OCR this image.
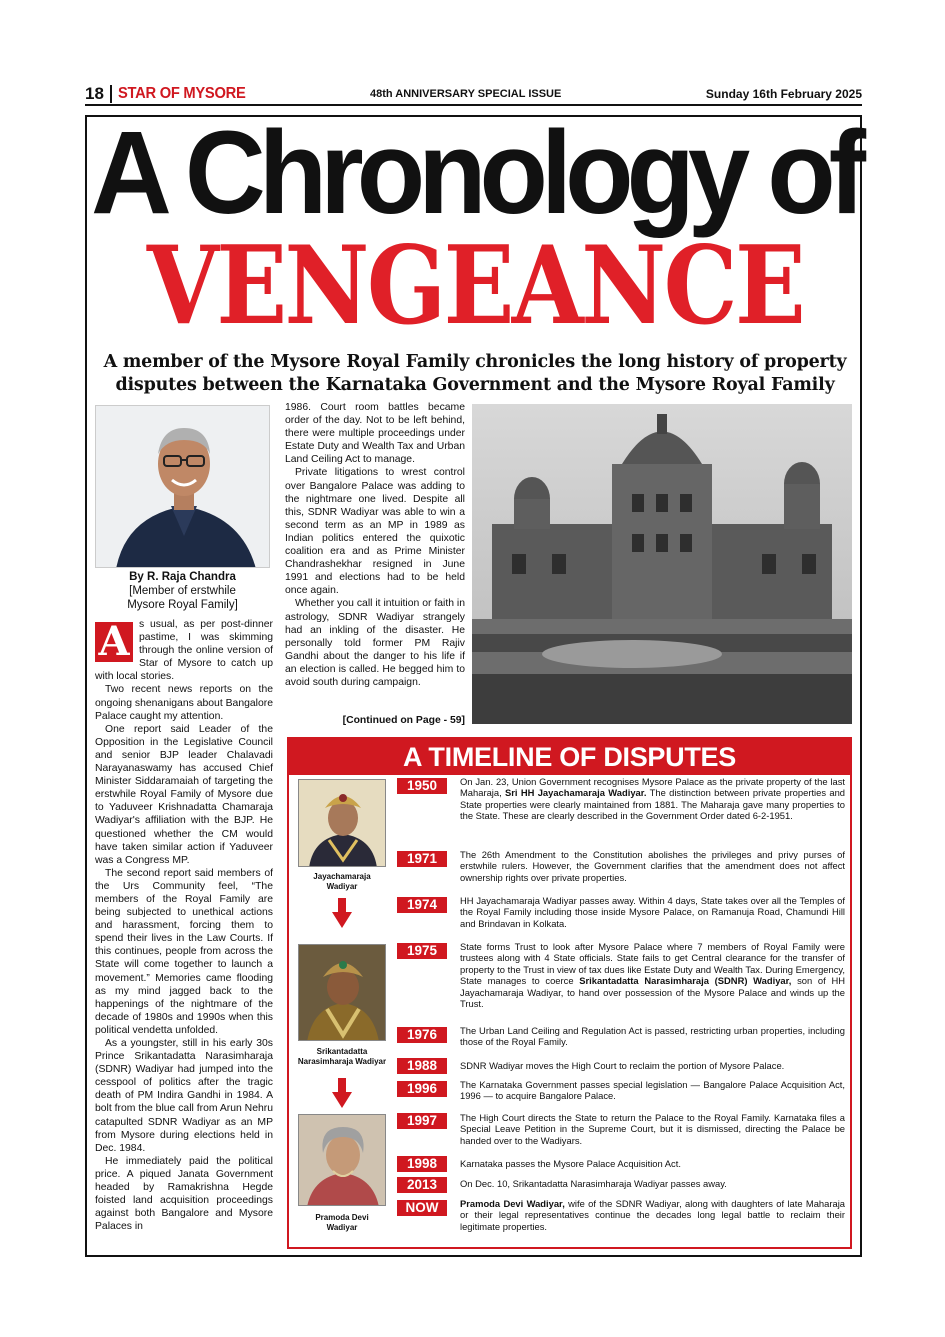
18 STAR OF MYSORE	48th ANNIVERSARY SPECIAL ISSUE	Sunday 16th February 2025
A Chronology of
VENGEANCE
A member of the Mysore Royal Family chronicles the long history of property disputes between the Karnataka Government and the Mysore Royal Family
By R. Raja Chandra
[Member of erstwhile
Mysore Royal Family]

A s usual, as per post-dinner pastime, I was skimming through the online version of Star of Mysore to catch up with local stories.

Two recent news reports on the ongoing shenanigans about Bangalore Palace caught my attention.

One report said Leader of the Opposition in the Legislative Council and senior BJP leader Chalavadi Narayanaswamy has accused Chief Minister Siddaramaiah of targeting the erstwhile Royal Family of Mysore due to Yaduveer Krishnadatta Chamaraja Wadiyar's affiliation with the BJP. He questioned whether the CM would have taken similar action if Yaduveer was a Congress MP.

The second report said members of the Urs Community feel, “The members of the Royal Family are being subjected to unethical actions and harassment, forcing them to spend their lives in the Law Courts. If this continues, people from across the State will come together to launch a movement.” Memories came flooding as my mind jagged back to the happenings of the nightmare of the decade of 1980s and 1990s when this political vendetta unfolded.

As a youngster, still in his early 30s Prince Srikantadatta Narasimharaja (SDNR) Wadiyar had jumped into the cesspool of politics after the tragic death of PM Indira Gandhi in 1984. A bolt from the blue call from Arun Nehru catapulted SDNR Wadiyar as an MP from Mysore during elections held in Dec. 1984.

He immediately paid the political price. A piqued Janata Government headed by Ramakrishna Hegde foisted land acquisition proceedings against both Bangalore and Mysore Palaces in

1986. Court room battles became order of the day. Not to be left behind, there were multiple proceedings under Estate Duty and Wealth Tax and Urban Land Ceiling Act to manage.

Private litigations to wrest control over Bangalore Palace was adding to the nightmare one lived. Despite all this, SDNR Wadiyar was able to win a second term as an MP in 1989 as Indian politics entered the quixotic coalition era and as Prime Minister Chandrashekhar resigned in June 1991 and elections had to be held once again.

Whether you call it intuition or faith in astrology, SDNR Wadiyar strangely had an inkling of the disaster. He personally told former PM Rajiv Gandhi about the danger to his life if an election is called. He begged him to avoid south during campaign.

[Continued on Page - 59]
A TIMELINE OF DISPUTES
Jayachamaraja
Wadiyar
Srikantadatta
Narasimharaja Wadiyar
Pramoda Devi
Wadiyar
1950	On Jan. 23, Union Government recognises Mysore Palace as the private property of the last Maharaja, Sri HH Jayachamaraja Wadiyar. The distinction between private properties and State properties were clearly maintained from 1881. The Maharaja gave many properties to the State. These are clearly described in the Government Order dated 6-2-1951.
1971	The 26th Amendment to the Constitution abolishes the privileges and privy purses of erstwhile rulers. However, the Government clarifies that the amendment does not affect ownership rights over private properties.
1974	HH Jayachamaraja Wadiyar passes away. Within 4 days, State takes over all the Temples of the Royal Family including those inside Mysore Palace, on Ramanuja Road, Chamundi Hill and Brindavan in Kolkata.
1975	State forms Trust to look after Mysore Palace where 7 members of Royal Family were trustees along with 4 State officials. State fails to get Central clearance for the transfer of property to the Trust in view of tax dues like Estate Duty and Wealth Tax. During Emergency, State manages to coerce Srikantadatta Narasimharaja (SDNR) Wadiyar, son of HH Jayachamaraja Wadiyar, to hand over possession of the Mysore Palace and winds up the Trust.
1976	The Urban Land Ceiling and Regulation Act is passed, restricting urban properties, including those of the Royal Family.
1988	SDNR Wadiyar moves the High Court to reclaim the portion of Mysore Palace.
1996	The Karnataka Government passes special legislation — Bangalore Palace Acquisition Act, 1996 — to acquire Bangalore Palace.
1997	The High Court directs the State to return the Palace to the Royal Family. Karnataka files a Special Leave Petition in the Supreme Court, but it is dismissed, directing the Palace be handed over to the Wadiyars.
1998	Karnataka passes the Mysore Palace Acquisition Act.
2013	On Dec. 10, Srikantadatta Narasimharaja Wadiyar passes away.
NOW	Pramoda Devi Wadiyar, wife of the SDNR Wadiyar, along with daughters of late Maharaja or their legal representatives continue the decades long legal battle to reclaim their legitimate properties.
